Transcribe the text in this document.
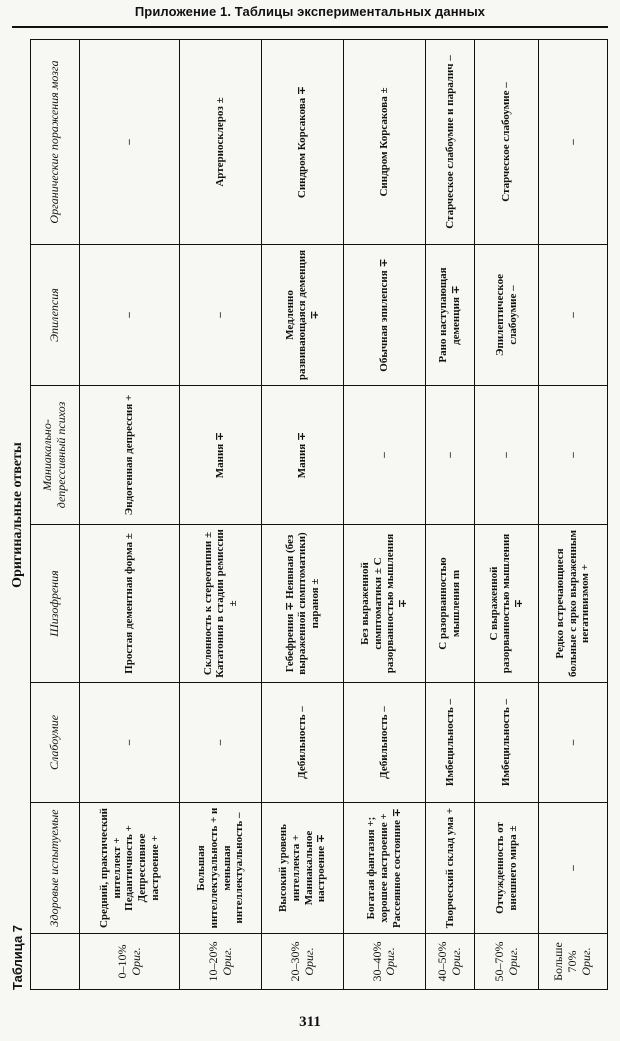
Приложение 1. Таблицы экспериментальных данных
Таблица 7
Оригинальные ответы
	Здоровые испытуемые	Слабоумие	Шизофрения	Маниакально-депрессивный психоз	Эпилепсия	Органические поражения мозга
0–10% Ориг.	Средний, практический интеллект + Педантичность + Депрессивное настроение +	–	Простая дементная форма ±	Эндогенная депрессия +	–	–
10–20% Ориг.	Большая интеллектуальность + и меньшая интеллектуальность –	–	Склонность к стереотипии ± Кататония в стадии ремиссии ±	Мания ∓	–	Артериосклероз ±
20–30% Ориг.	Высокий уровень интеллекта + Маниакальное настроение ∓	Дебильность –	Гебефрения ∓ Неявная (без выраженной симптоматики) параноя ±	Мания ∓	Медленно развивающаяся деменция ∓	Синдром Корсакова ∓
30–40% Ориг.	Богатая фантазия +; хорошее настроение + Рассеянное состояние ∓	Дебильность –	Без выраженной симптоматики ± С разорванностью мышления ∓	–	Обычная эпилепсия ∓	Синдром Корсакова ±
40–50% Ориг.	Творческий склад ума +	Имбецильность –	С разорванностью мышления m	–	Рано наступающая деменция ∓	Старческое слабоумие и паралич –
50–70% Ориг.	Отчужденность от внешнего мира ±	Имбецильность –	С выраженной разорванностью мышления ∓	–	Эпилептическое слабоумие –	Старческое слабоумие –
Больше 70% Ориг.	–	–	Редко встречающиеся больные с ярко выраженным негативизмом +	–	–	–
311
